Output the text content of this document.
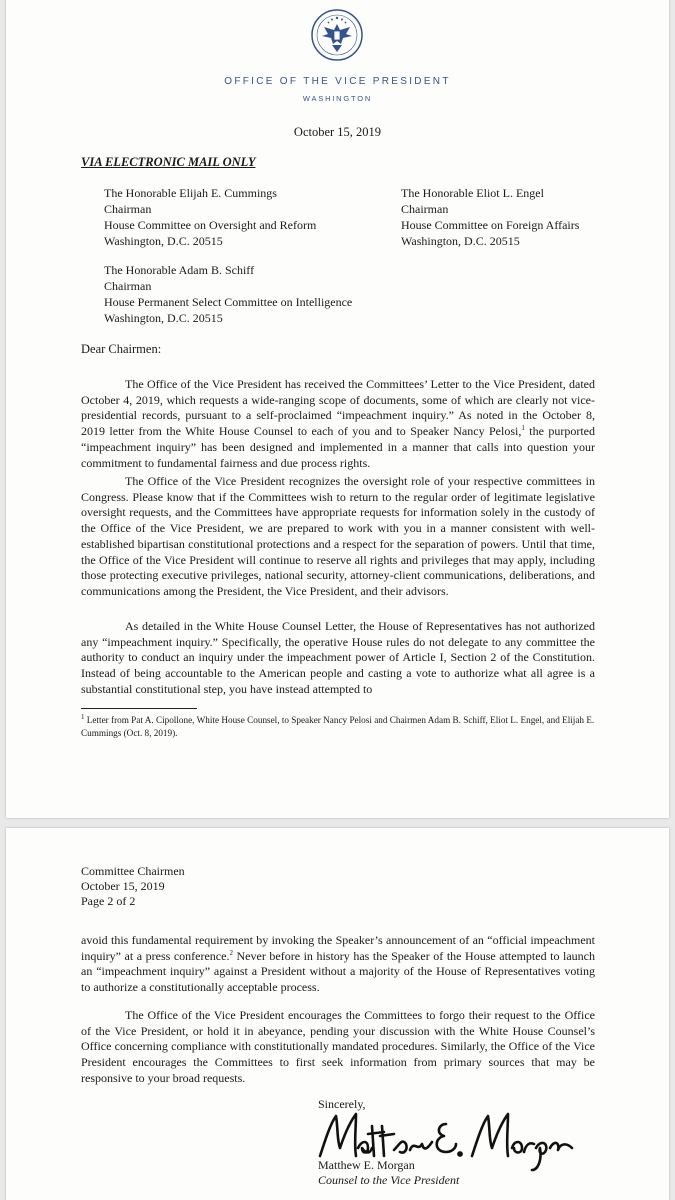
OFFICE OF THE VICE PRESIDENT
WASHINGTON
October 15, 2019
VIA ELECTRONIC MAIL ONLY
The Honorable Elijah E. Cummings
Chairman
House Committee on Oversight and Reform
Washington, D.C. 20515
The Honorable Eliot L. Engel
Chairman
House Committee on Foreign Affairs
Washington, D.C. 20515
The Honorable Adam B. Schiff
Chairman
House Permanent Select Committee on Intelligence
Washington, D.C. 20515
Dear Chairmen:
The Office of the Vice President has received the Committees’ Letter to the Vice President, dated October 4, 2019, which requests a wide-ranging scope of documents, some of which are clearly not vice-presidential records, pursuant to a self-proclaimed “impeachment inquiry.” As noted in the October 8, 2019 letter from the White House Counsel to each of you and to Speaker Nancy Pelosi,$^1$ the purported “impeachment inquiry” has been designed and implemented in a manner that calls into question your commitment to fundamental fairness and due process rights.
The Office of the Vice President recognizes the oversight role of your respective committees in Congress. Please know that if the Committees wish to return to the regular order of legitimate legislative oversight requests, and the Committees have appropriate requests for information solely in the custody of the Office of the Vice President, we are prepared to work with you in a manner consistent with well-established bipartisan constitutional protections and a respect for the separation of powers. Until that time, the Office of the Vice President will continue to reserve all rights and privileges that may apply, including those protecting executive privileges, national security, attorney-client communications, deliberations, and communications among the President, the Vice President, and their advisors.
As detailed in the White House Counsel Letter, the House of Representatives has not authorized any “impeachment inquiry.” Specifically, the operative House rules do not delegate to any committee the authority to conduct an inquiry under the impeachment power of Article I, Section 2 of the Constitution. Instead of being accountable to the American people and casting a vote to authorize what all agree is a substantial constitutional step, you have instead attempted to
$^1$ Letter from Pat A. Cipollone, White House Counsel, to Speaker Nancy Pelosi and Chairmen Adam B. Schiff, Eliot L. Engel, and Elijah E. Cummings (Oct. 8, 2019).
Committee Chairmen
October 15, 2019
Page 2 of 2
avoid this fundamental requirement by invoking the Speaker’s announcement of an “official impeachment inquiry” at a press conference.$^2$ Never before in history has the Speaker of the House attempted to launch an “impeachment inquiry” against a President without a majority of the House of Representatives voting to authorize a constitutionally acceptable process.
The Office of the Vice President encourages the Committees to forgo their request to the Office of the Vice President, or hold it in abeyance, pending your discussion with the White House Counsel’s Office concerning compliance with constitutionally mandated procedures. Similarly, the Office of the Vice President encourages the Committees to first seek information from primary sources that may be responsive to your broad requests.
Sincerely,
Matthew E. Morgan
Counsel to the Vice President
